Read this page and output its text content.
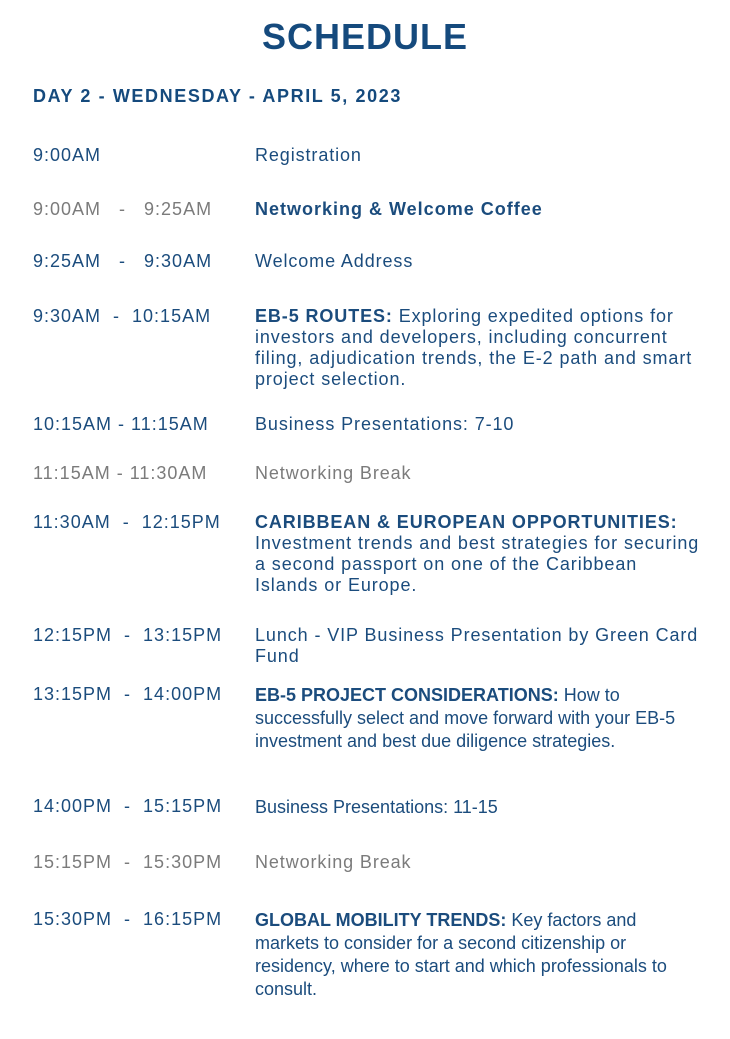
SCHEDULE
DAY 2 - WEDNESDAY - APRIL 5, 2023
9:00AM	Registration
9:00AM   -   9:25AM Networking & Welcome Coffee
9:25AM   -   9:30AM Welcome Address
9:30AM  -  10:15AM EB-5 ROUTES: Exploring expedited options for investors and developers, including concurrent filing, adjudication trends, the E-2 path and smart project selection.
10:15AM - 11:15AM	Business Presentations: 7-10
11:15AM - 11:30AM	Networking Break
11:30AM  -  12:15PM CARIBBEAN & EUROPEAN OPPORTUNITIES: Investment trends and best strategies for securing a second passport on one of the Caribbean Islands or Europe.
12:15PM  -  13:15PM Lunch - VIP Business Presentation by Green Card Fund
13:15PM  -  14:00PM EB-5 PROJECT CONSIDERATIONS: How to successfully select and move forward with your EB-5 investment and best due diligence strategies.
14:00PM  -  15:15PM Business Presentations: 11-15
15:15PM  -  15:30PM Networking Break
15:30PM  -  16:15PM GLOBAL MOBILITY TRENDS: Key factors and markets to consider for a second citizenship or residency, where to start and which professionals to consult.
